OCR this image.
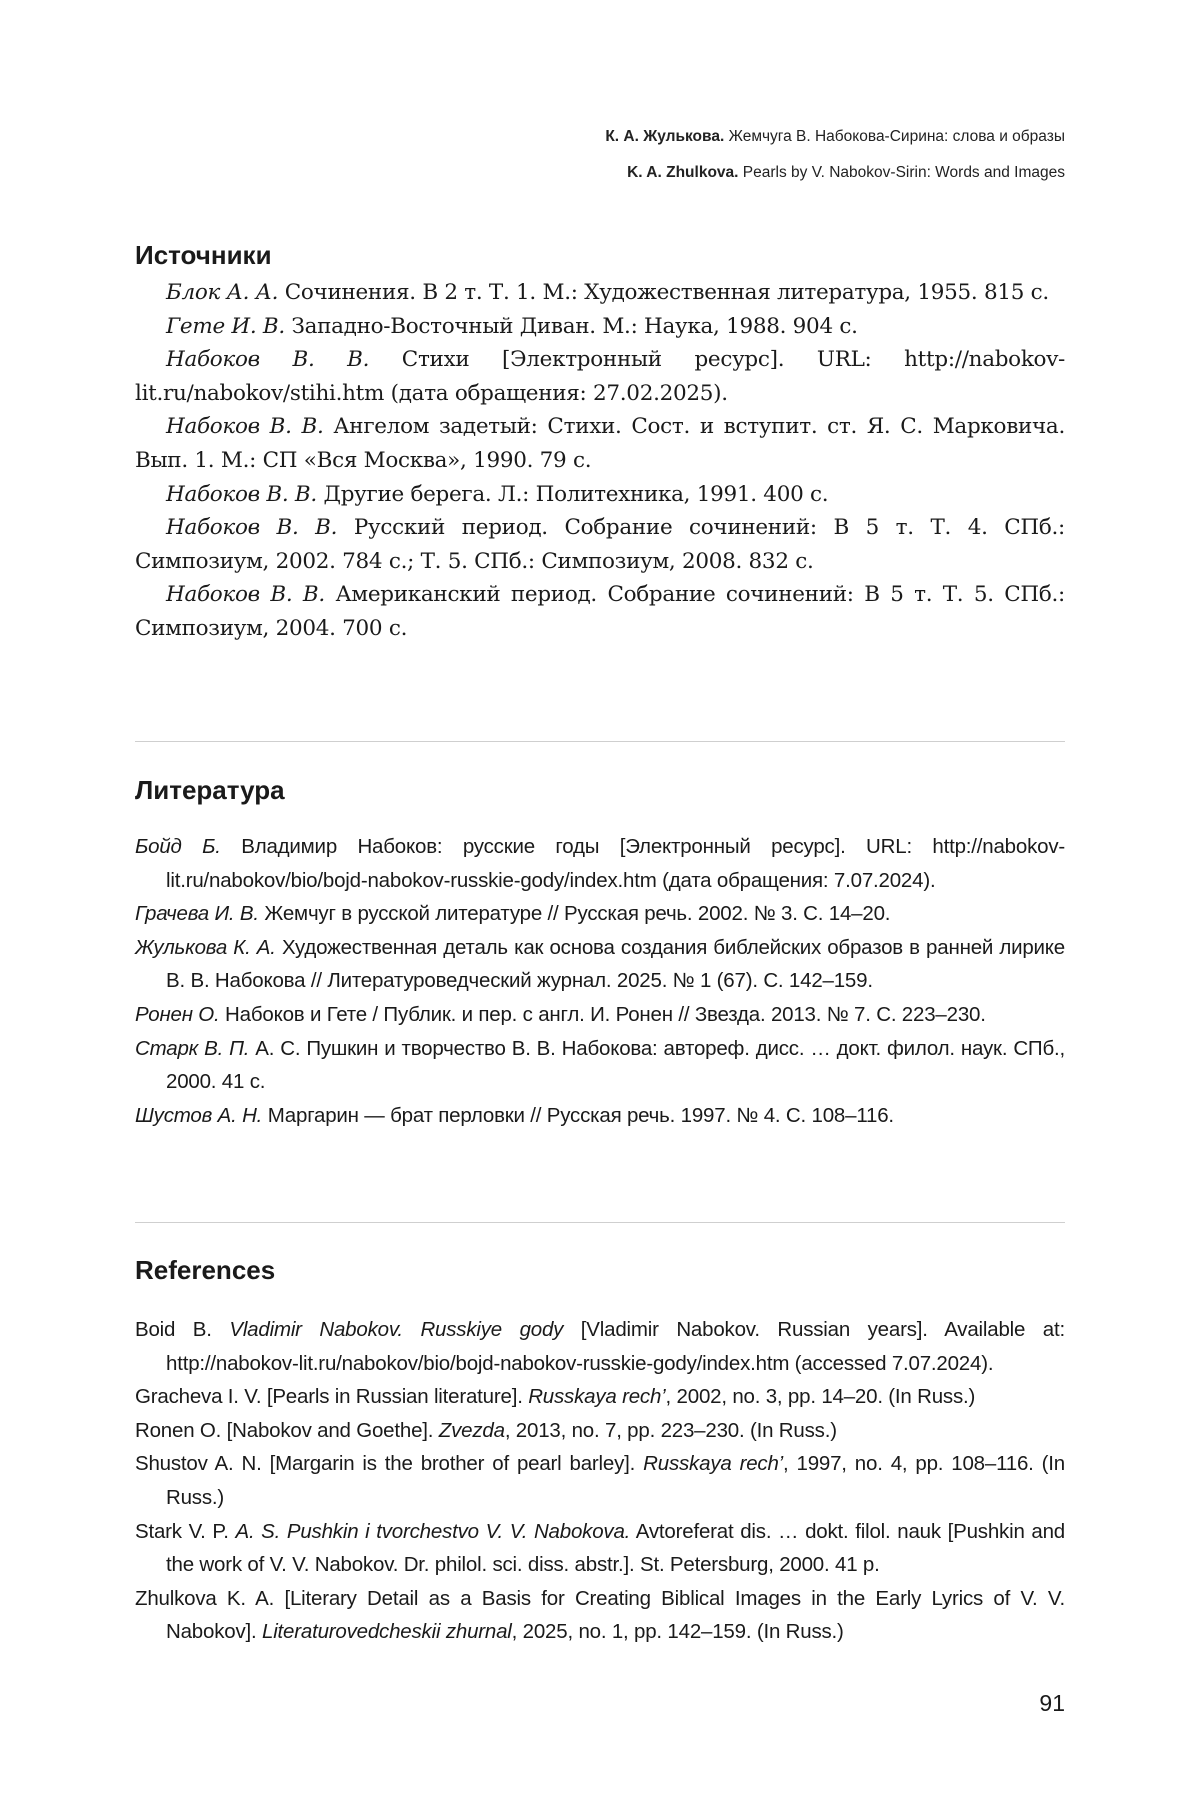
К. А. Жулькова. Жемчуга В. Набокова-Сирина: слова и образы
K. A. Zhulkova. Pearls by V. Nabokov-Sirin: Words and Images
Источники

Блок А. А. Сочинения. В 2 т. Т. 1. М.: Художественная литература, 1955. 815 с.

Гете И. В. Западно-Восточный Диван. М.: Наука, 1988. 904 с.

Набоков В. В. Стихи [Электронный ресурс]. URL: http://nabokov-lit.ru/nabokov/stihi.htm (дата обращения: 27.02.2025).

Набоков В. В. Ангелом задетый: Стихи. Сост. и вступит. ст. Я. С. Марковича. Вып. 1. М.: СП «Вся Москва», 1990. 79 с.

Набоков В. В. Другие берега. Л.: Политехника, 1991. 400 с.

Набоков В. В. Русский период. Собрание сочинений: В 5 т. Т. 4. СПб.: Симпозиум, 2002. 784 с.; Т. 5. СПб.: Симпозиум, 2008. 832 с.

Набоков В. В. Американский период. Собрание сочинений: В 5 т. Т. 5. СПб.: Симпозиум, 2004. 700 с.

Литература

Бойд Б. Владимир Набоков: русские годы [Электронный ресурс]. URL: http://nabokov-lit.ru/nabokov/bio/bojd-nabokov-russkie-gody/index.htm (дата обращения: 7.07.2024).

Грачева И. В. Жемчуг в русской литературе // Русская речь. 2002. № 3. С. 14–20.

Жулькова К. А. Художественная деталь как основа создания библейских образов в ранней лирике В. В. Набокова // Литературоведческий журнал. 2025. № 1 (67). С. 142–159.

Ронен О. Набоков и Гете / Публик. и пер. с англ. И. Ронен // Звезда. 2013. № 7. С. 223–230.

Старк В. П. А. С. Пушкин и творчество В. В. Набокова: автореф. дисс. … докт. филол. наук. СПб., 2000. 41 с.

Шустов А. Н. Маргарин — брат перловки // Русская речь. 1997. № 4. С. 108–116.

References

Boid B. Vladimir Nabokov. Russkiye gody [Vladimir Nabokov. Russian years]. Available at: http://nabokov-lit.ru/nabokov/bio/bojd-nabokov-russkie-gody/index.htm (accessed 7.07.2024).

Gracheva I. V. [Pearls in Russian literature]. Russkaya rech’, 2002, no. 3, pp. 14–20. (In Russ.)

Ronen O. [Nabokov and Goethe]. Zvezda, 2013, no. 7, pp. 223–230. (In Russ.)

Shustov A. N. [Margarin is the brother of pearl barley]. Russkaya rech’, 1997, no. 4, pp. 108–116. (In Russ.)

Stark V. P. A. S. Pushkin i tvorchestvo V. V. Nabokova. Avtoreferat dis. … dokt. filol. nauk [Pushkin and the work of V. V. Nabokov. Dr. philol. sci. diss. abstr.]. St. Petersburg, 2000. 41 p.

Zhulkova K. A. [Literary Detail as a Basis for Creating Biblical Images in the Early Lyrics of V. V. Nabokov]. Literaturovedcheskii zhurnal, 2025, no. 1, pp. 142–159. (In Russ.)

91
